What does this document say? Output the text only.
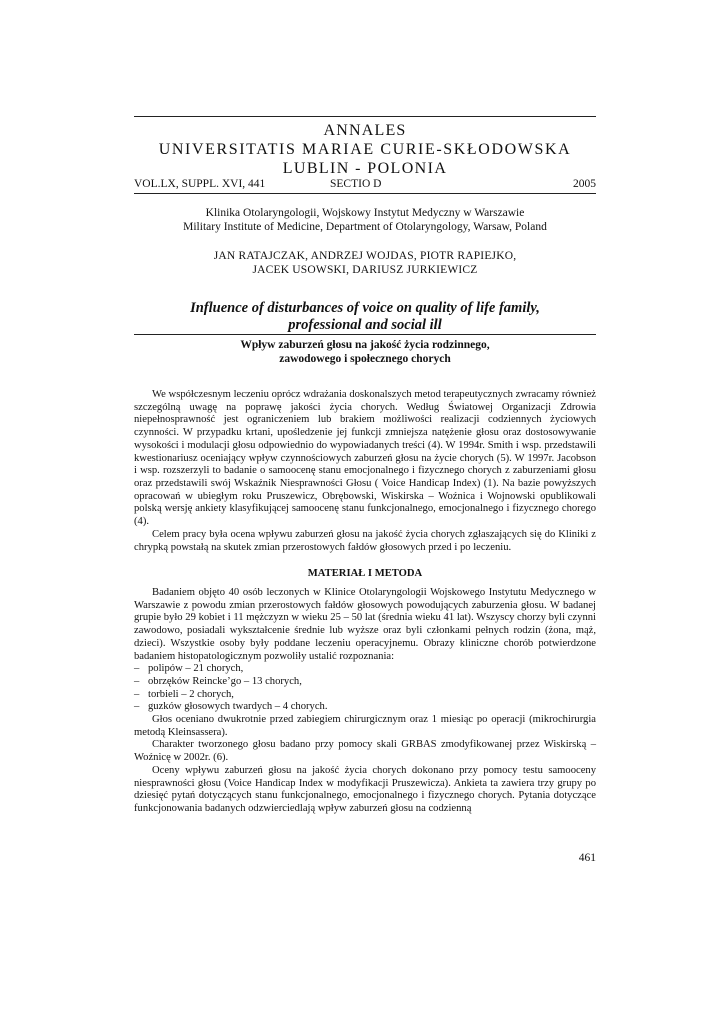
ANNALES
UNIVERSITATIS MARIAE CURIE-SKŁODOWSKA
LUBLIN - POLONIA
VOL.LX, SUPPL. XVI, 441	SECTIO D	2005
Klinika Otolaryngologii, Wojskowy Instytut Medyczny w Warszawie
Military Institute of Medicine, Department of Otolaryngology, Warsaw, Poland
JAN RATAJCZAK, ANDRZEJ WOJDAS, PIOTR RAPIEJKO,
JACEK USOWSKI, DARIUSZ JURKIEWICZ
Influence of disturbances of voice on quality of life family,
professional and social ill
Wpływ zaburzeń głosu na jakość życia rodzinnego,
zawodowego i społecznego chorych

We współczesnym leczeniu oprócz wdrażania doskonalszych metod terapeutycznych zwracamy również szczególną uwagę na poprawę jakości życia chorych. Według Światowej Organizacji Zdrowia niepełnosprawność jest ograniczeniem lub brakiem możliwości realizacji codziennych życiowych czynności. W przypadku krtani, upośledzenie jej funkcji zmniejsza natężenie głosu oraz dostosowywanie wysokości i modulacji głosu odpowiednio do wypowiadanych treści (4). W 1994r. Smith i wsp. przedstawili kwestionariusz oceniający wpływ czynnościowych zaburzeń głosu na życie chorych (5). W 1997r. Jacobson i wsp. rozszerzyli to badanie o samoocenę stanu emocjonalnego i fizycznego chorych z zaburzeniami głosu oraz przedstawili swój Wskaźnik Niesprawności Głosu ( Voice Handicap Index) (1). Na bazie powyższych opracowań w ubiegłym roku Pruszewicz, Obrębowski, Wiskirska – Woźnica i Wojnowski opublikowali polską wersję ankiety klasyfikującej samoocenę stanu funkcjonalnego, emocjonalnego i fizycznego chorego (4).

Celem pracy była ocena wpływu zaburzeń głosu na jakość życia chorych zgłaszających się do Kliniki z chrypką powstałą na skutek zmian przerostowych fałdów głosowych przed i po leczeniu.

MATERIAŁ I METODA

Badaniem objęto 40 osób leczonych w Klinice Otolaryngologii Wojskowego Instytutu Medycznego w Warszawie z powodu zmian przerostowych fałdów głosowych powodujących zaburzenia głosu. W badanej grupie było 29 kobiet i 11 mężczyzn w wieku 25 – 50 lat (średnia wieku 41 lat). Wszyscy chorzy byli czynni zawodowo, posiadali wykształcenie średnie lub wyższe oraz byli członkami pełnych rodzin (żona, mąż, dzieci). Wszystkie osoby były poddane leczeniu operacyjnemu. Obrazy kliniczne chorób potwierdzone badaniem histopatologicznym pozwoliły ustalić rozpoznania:

– polipów – 21 chorych,

– obrzęków Reincke’go – 13 chorych,

– torbieli – 2 chorych,

– guzków głosowych twardych – 4 chorych.

Głos oceniano dwukrotnie przed zabiegiem chirurgicznym oraz 1 miesiąc po operacji (mikrochirurgia metodą Kleinsassera).

Charakter tworzonego głosu badano przy pomocy skali GRBAS zmodyfikowanej przez Wiskirską – Woźnicę w 2002r. (6).

Oceny wpływu zaburzeń głosu na jakość życia chorych dokonano przy pomocy testu samooceny niesprawności głosu (Voice Handicap Index w modyfikacji Pruszewicza). Ankieta ta zawiera trzy grupy po dziesięć pytań dotyczących stanu funkcjonalnego, emocjonalnego i fizycznego chorych. Pytania dotyczące funkcjonowania badanych odzwierciedlają wpływ zaburzeń głosu na codzienną

461
